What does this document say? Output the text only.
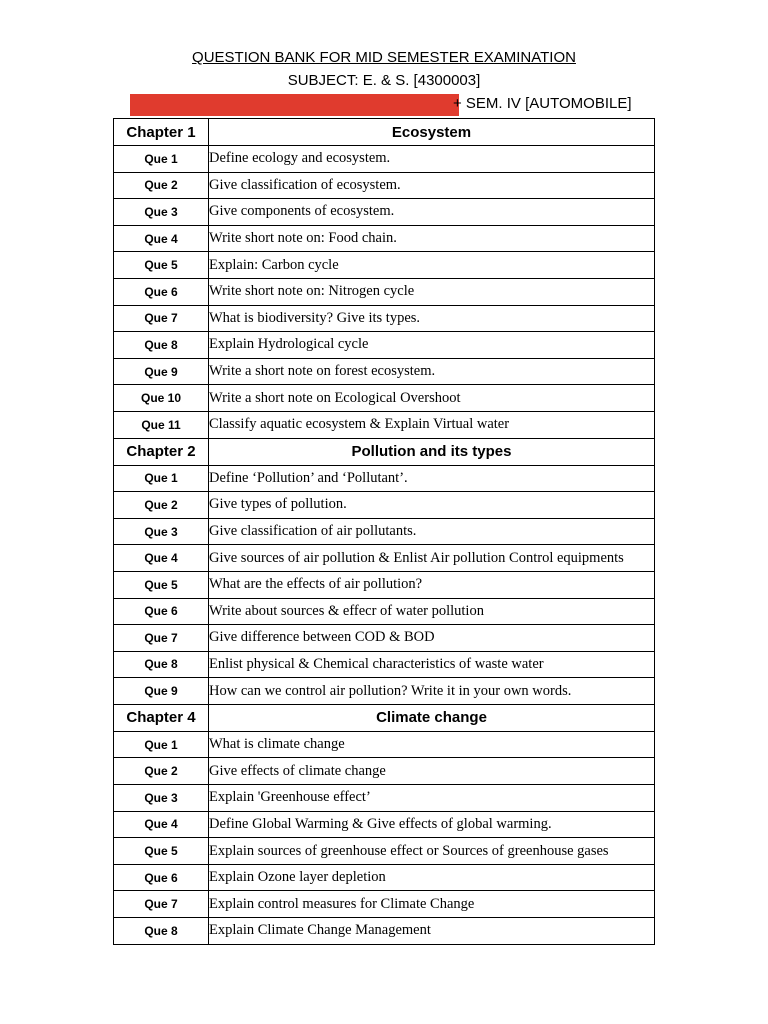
QUESTION BANK FOR MID SEMESTER EXAMINATION
SUBJECT: E. & S. [4300003]
+ SEM. IV [AUTOMOBILE]
Chapter 1	Ecosystem
Que 1	Define ecology and ecosystem.
Que 2	Give classification of ecosystem.
Que 3	Give components of ecosystem.
Que 4	Write short note on: Food chain.
Que 5	Explain: Carbon cycle
Que 6	Write short note on: Nitrogen cycle
Que 7	What is biodiversity? Give its types.
Que 8	Explain Hydrological cycle
Que 9	Write a short note on forest ecosystem.
Que 10	Write a short note on Ecological Overshoot
Que 11	Classify aquatic ecosystem & Explain Virtual water
Chapter 2	Pollution and its types
Que 1	Define ‘Pollution’ and ‘Pollutant’.
Que 2	Give types of pollution.
Que 3	Give classification of air pollutants.
Que 4	Give sources of air pollution & Enlist Air pollution Control equipments
Que 5	What are the effects of air pollution?
Que 6	Write about sources & effecr of water pollution
Que 7	Give difference between COD & BOD
Que 8	Enlist physical & Chemical characteristics of waste water
Que 9	How can we control air pollution? Write it in your own words.
Chapter 4	Climate change
Que 1	What is climate change
Que 2	Give effects of climate change
Que 3	Explain 'Greenhouse effect’
Que 4	Define Global Warming & Give effects of global warming.
Que 5	Explain sources of greenhouse effect or Sources of greenhouse gases
Que 6	Explain Ozone layer depletion
Que 7	Explain control measures for Climate Change
Que 8	Explain Climate Change Management
